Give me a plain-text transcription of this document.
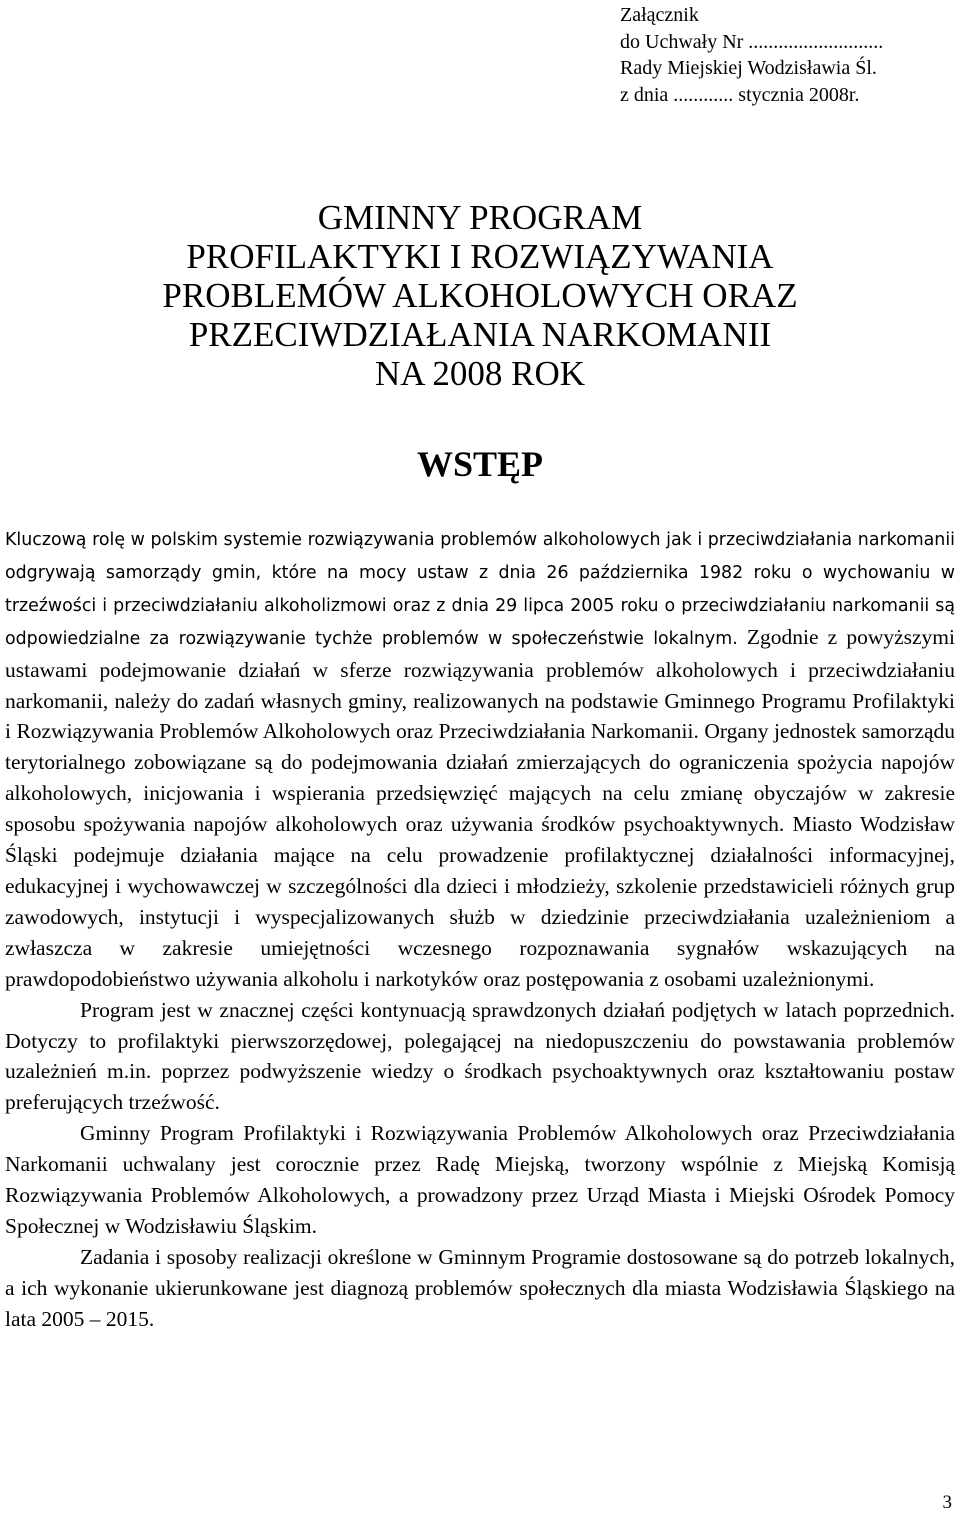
Załącznik
do Uchwały Nr ...........................
Rady Miejskiej Wodzisławia Śl.
z dnia ............ stycznia 2008r.
GMINNY PROGRAM
PROFILAKTYKI I ROZWIĄZYWANIA
PROBLEMÓW ALKOHOLOWYCH ORAZ
PRZECIWDZIAŁANIA NARKOMANII
NA 2008 ROK
WSTĘP

Kluczową rolę w polskim systemie rozwiązywania problemów alkoholowych jak i przeciwdziałania narkomanii odgrywają samorządy gmin, które na mocy ustaw z dnia 26 października 1982 roku o wychowaniu w trzeźwości i przeciwdziałaniu alkoholizmowi oraz z dnia 29 lipca 2005 roku o przeciwdziałaniu narkomanii są odpowiedzialne za rozwiązywanie tychże problemów w społeczeństwie lokalnym. Zgodnie z powyższymi ustawami podejmowanie działań w sferze rozwiązywania problemów alkoholowych i przeciwdziałaniu narkomanii, należy do zadań własnych gminy, realizowanych na podstawie Gminnego Programu Profilaktyki i Rozwiązywania Problemów Alkoholowych oraz Przeciwdziałania Narkomanii. Organy jednostek samorządu terytorialnego zobowiązane są do podejmowania działań zmierzających do ograniczenia spożycia napojów alkoholowych, inicjowania i wspierania przedsięwzięć mających na celu zmianę obyczajów w zakresie sposobu spożywania napojów alkoholowych oraz używania środków psychoaktywnych. Miasto Wodzisław Śląski podejmuje działania mające na celu prowadzenie profilaktycznej działalności informacyjnej, edukacyjnej i wychowawczej w szczególności dla dzieci i młodzieży, szkolenie przedstawicieli różnych grup zawodowych, instytucji i wyspecjalizowanych służb w dziedzinie przeciwdziałania uzależnieniom a zwłaszcza w zakresie umiejętności wczesnego rozpoznawania sygnałów wskazujących na prawdopodobieństwo używania alkoholu i narkotyków oraz postępowania z osobami uzależnionymi.

Program jest w znacznej części kontynuacją sprawdzonych działań podjętych w latach poprzednich. Dotyczy to profilaktyki pierwszorzędowej, polegającej na niedopuszczeniu do powstawania problemów uzależnień m.in. poprzez podwyższenie wiedzy o środkach psychoaktywnych oraz kształtowaniu postaw preferujących trzeźwość.

Gminny Program Profilaktyki i Rozwiązywania Problemów Alkoholowych oraz Przeciwdziałania Narkomanii uchwalany jest corocznie przez Radę Miejską, tworzony wspólnie z Miejską Komisją Rozwiązywania Problemów Alkoholowych, a prowadzony przez Urząd Miasta i Miejski Ośrodek Pomocy Społecznej w Wodzisławiu Śląskim.

Zadania i sposoby realizacji określone w Gminnym Programie dostosowane są do potrzeb lokalnych, a ich wykonanie ukierunkowane jest diagnozą problemów społecznych dla miasta Wodzisławia Śląskiego na lata 2005 – 2015.

3
